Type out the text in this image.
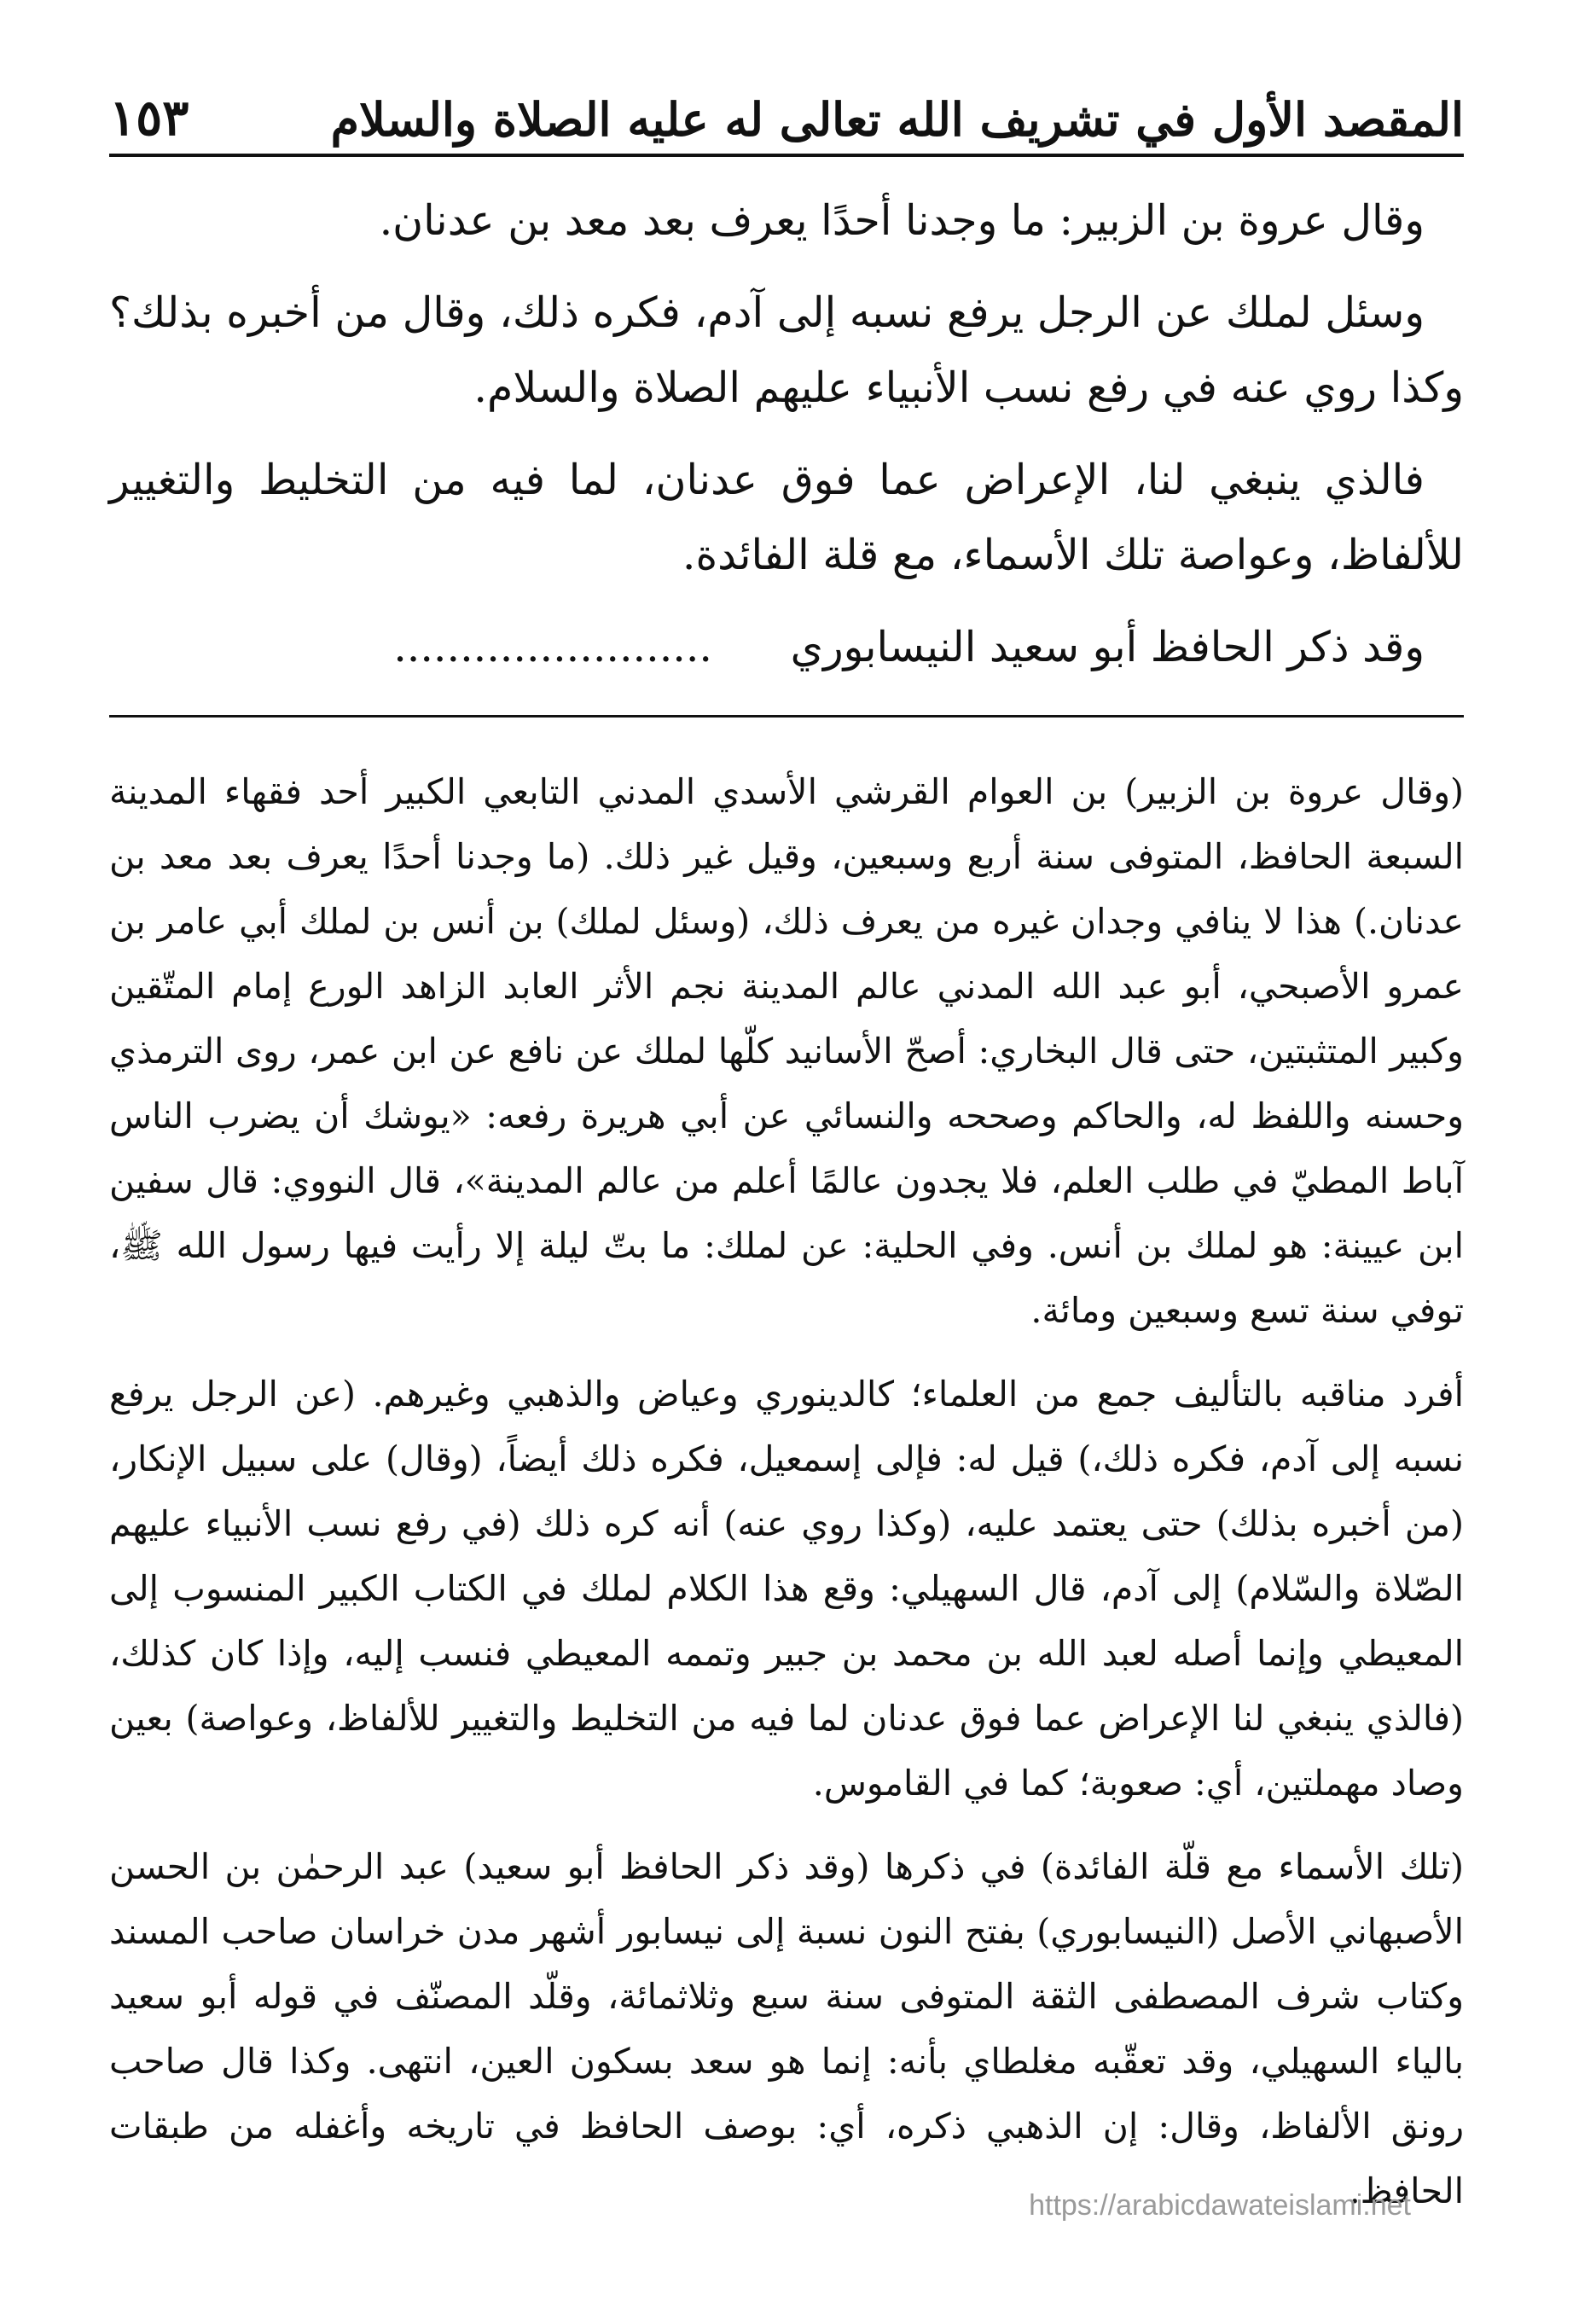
المقصد الأول في تشريف الله تعالى له عليه الصلاة والسلام
١٥٣

وقال عروة بن الزبير: ما وجدنا أحدًا يعرف بعد معد بن عدنان.

وسئل لملك عن الرجل يرفع نسبه إلى آدم، فكره ذلك، وقال من أخبره بذلك؟ وكذا روي عنه في رفع نسب الأنبياء عليهم الصلاة والسلام.

فالذي ينبغي لنا، الإعراض عما فوق عدنان، لما فيه من التخليط والتغيير للألفاظ، وعواصة تلك الأسماء، مع قلة الفائدة.

وقد ذكر الحافظ أبو سعيد النيسابوري ........................

(وقال عروة بن الزبير) بن العوام القرشي الأسدي المدني التابعي الكبير أحد فقهاء المدينة السبعة الحافظ، المتوفى سنة أربع وسبعين، وقيل غير ذلك. (ما وجدنا أحدًا يعرف بعد معد بن عدنان.) هذا لا ينافي وجدان غيره من يعرف ذلك، (وسئل لملك) بن أنس بن لملك أبي عامر بن عمرو الأصبحي، أبو عبد الله المدني عالم المدينة نجم الأثر العابد الزاهد الورع إمام المتّقين وكبير المتثبتين، حتى قال البخاري: أصحّ الأسانيد كلّها لملك عن نافع عن ابن عمر، روى الترمذي وحسنه واللفظ له، والحاكم وصححه والنسائي عن أبي هريرة رفعه: «يوشك أن يضرب الناس آباط المطيّ في طلب العلم، فلا يجدون عالمًا أعلم من عالم المدينة»، قال النووي: قال سفين ابن عيينة: هو لملك بن أنس. وفي الحلية: عن لملك: ما بتّ ليلة إلا رأيت فيها رسول الله ﷺ، توفي سنة تسع وسبعين ومائة.

أفرد مناقبه بالتأليف جمع من العلماء؛ كالدينوري وعياض والذهبي وغيرهم. (عن الرجل يرفع نسبه إلى آدم، فكره ذلك،) قيل له: فإلى إسمعيل، فكره ذلك أيضاً، (وقال) على سبيل الإنكار، (من أخبره بذلك) حتى يعتمد عليه، (وكذا روي عنه) أنه كره ذلك (في رفع نسب الأنبياء عليهم الصّلاة والسّلام) إلى آدم، قال السهيلي: وقع هذا الكلام لملك في الكتاب الكبير المنسوب إلى المعيطي وإنما أصله لعبد الله بن محمد بن جبير وتممه المعيطي فنسب إليه، وإذا كان كذلك، (فالذي ينبغي لنا الإعراض عما فوق عدنان لما فيه من التخليط والتغيير للألفاظ، وعواصة) بعين وصاد مهملتين، أي: صعوبة؛ كما في القاموس.

(تلك الأسماء مع قلّة الفائدة) في ذكرها (وقد ذكر الحافظ أبو سعيد) عبد الرحمٰن بن الحسن الأصبهاني الأصل (النيسابوري) بفتح النون نسبة إلى نيسابور أشهر مدن خراسان صاحب المسند وكتاب شرف المصطفى الثقة المتوفى سنة سبع وثلاثمائة، وقلّد المصنّف في قوله أبو سعيد بالياء السهيلي، وقد تعقّبه مغلطاي بأنه: إنما هو سعد بسكون العين، انتهى. وكذا قال صاحب رونق الألفاظ، وقال: إن الذهبي ذكره، أي: بوصف الحافظ في تاريخه وأغفله من طبقات الحافظ.

https://arabicdawateislami.net
